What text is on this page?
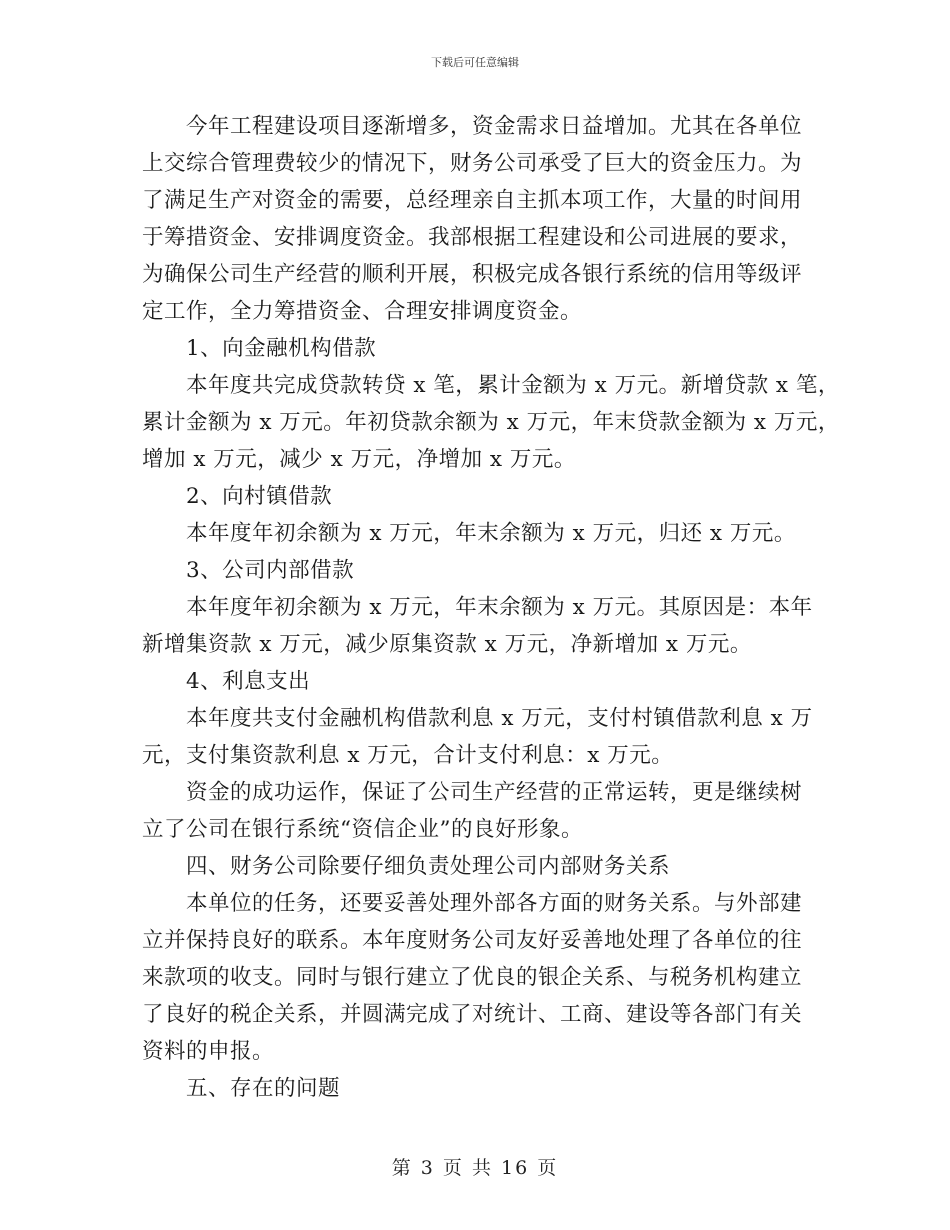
下载后可任意编辑
今年工程建设项目逐渐增多，资金需求日益增加。尤其在各单位
上交综合管理费较少的情况下，财务公司承受了巨大的资金压力。为
了满足生产对资金的需要，总经理亲自主抓本项工作，大量的时间用
于筹措资金、安排调度资金。我部根据工程建设和公司进展的要求，
为确保公司生产经营的顺利开展，积极完成各银行系统的信用等级评
定工作，全力筹措资金、合理安排调度资金。
1、向金融机构借款
本年度共完成贷款转贷 x 笔，累计金额为 x 万元。新增贷款 x 笔，
累计金额为 x 万元。年初贷款余额为 x 万元，年末贷款金额为 x 万元，
增加 x 万元，减少 x 万元，净增加 x 万元。
2、向村镇借款
本年度年初余额为 x 万元，年末余额为 x 万元，归还 x 万元。
3、公司内部借款
本年度年初余额为 x 万元，年末余额为 x 万元。其原因是：本年
新增集资款 x 万元，减少原集资款 x 万元，净新增加 x 万元。
4、利息支出
本年度共支付金融机构借款利息 x 万元，支付村镇借款利息 x 万
元，支付集资款利息 x 万元，合计支付利息：x 万元。
资金的成功运作，保证了公司生产经营的正常运转，更是继续树
立了公司在银行系统“资信企业”的良好形象。
四、财务公司除要仔细负责处理公司内部财务关系
本单位的任务，还要妥善处理外部各方面的财务关系。与外部建
立并保持良好的联系。本年度财务公司友好妥善地处理了各单位的往
来款项的收支。同时与银行建立了优良的银企关系、与税务机构建立
了良好的税企关系，并圆满完成了对统计、工商、建设等各部门有关
资料的申报。
五、存在的问题
第 3 页 共 16 页
